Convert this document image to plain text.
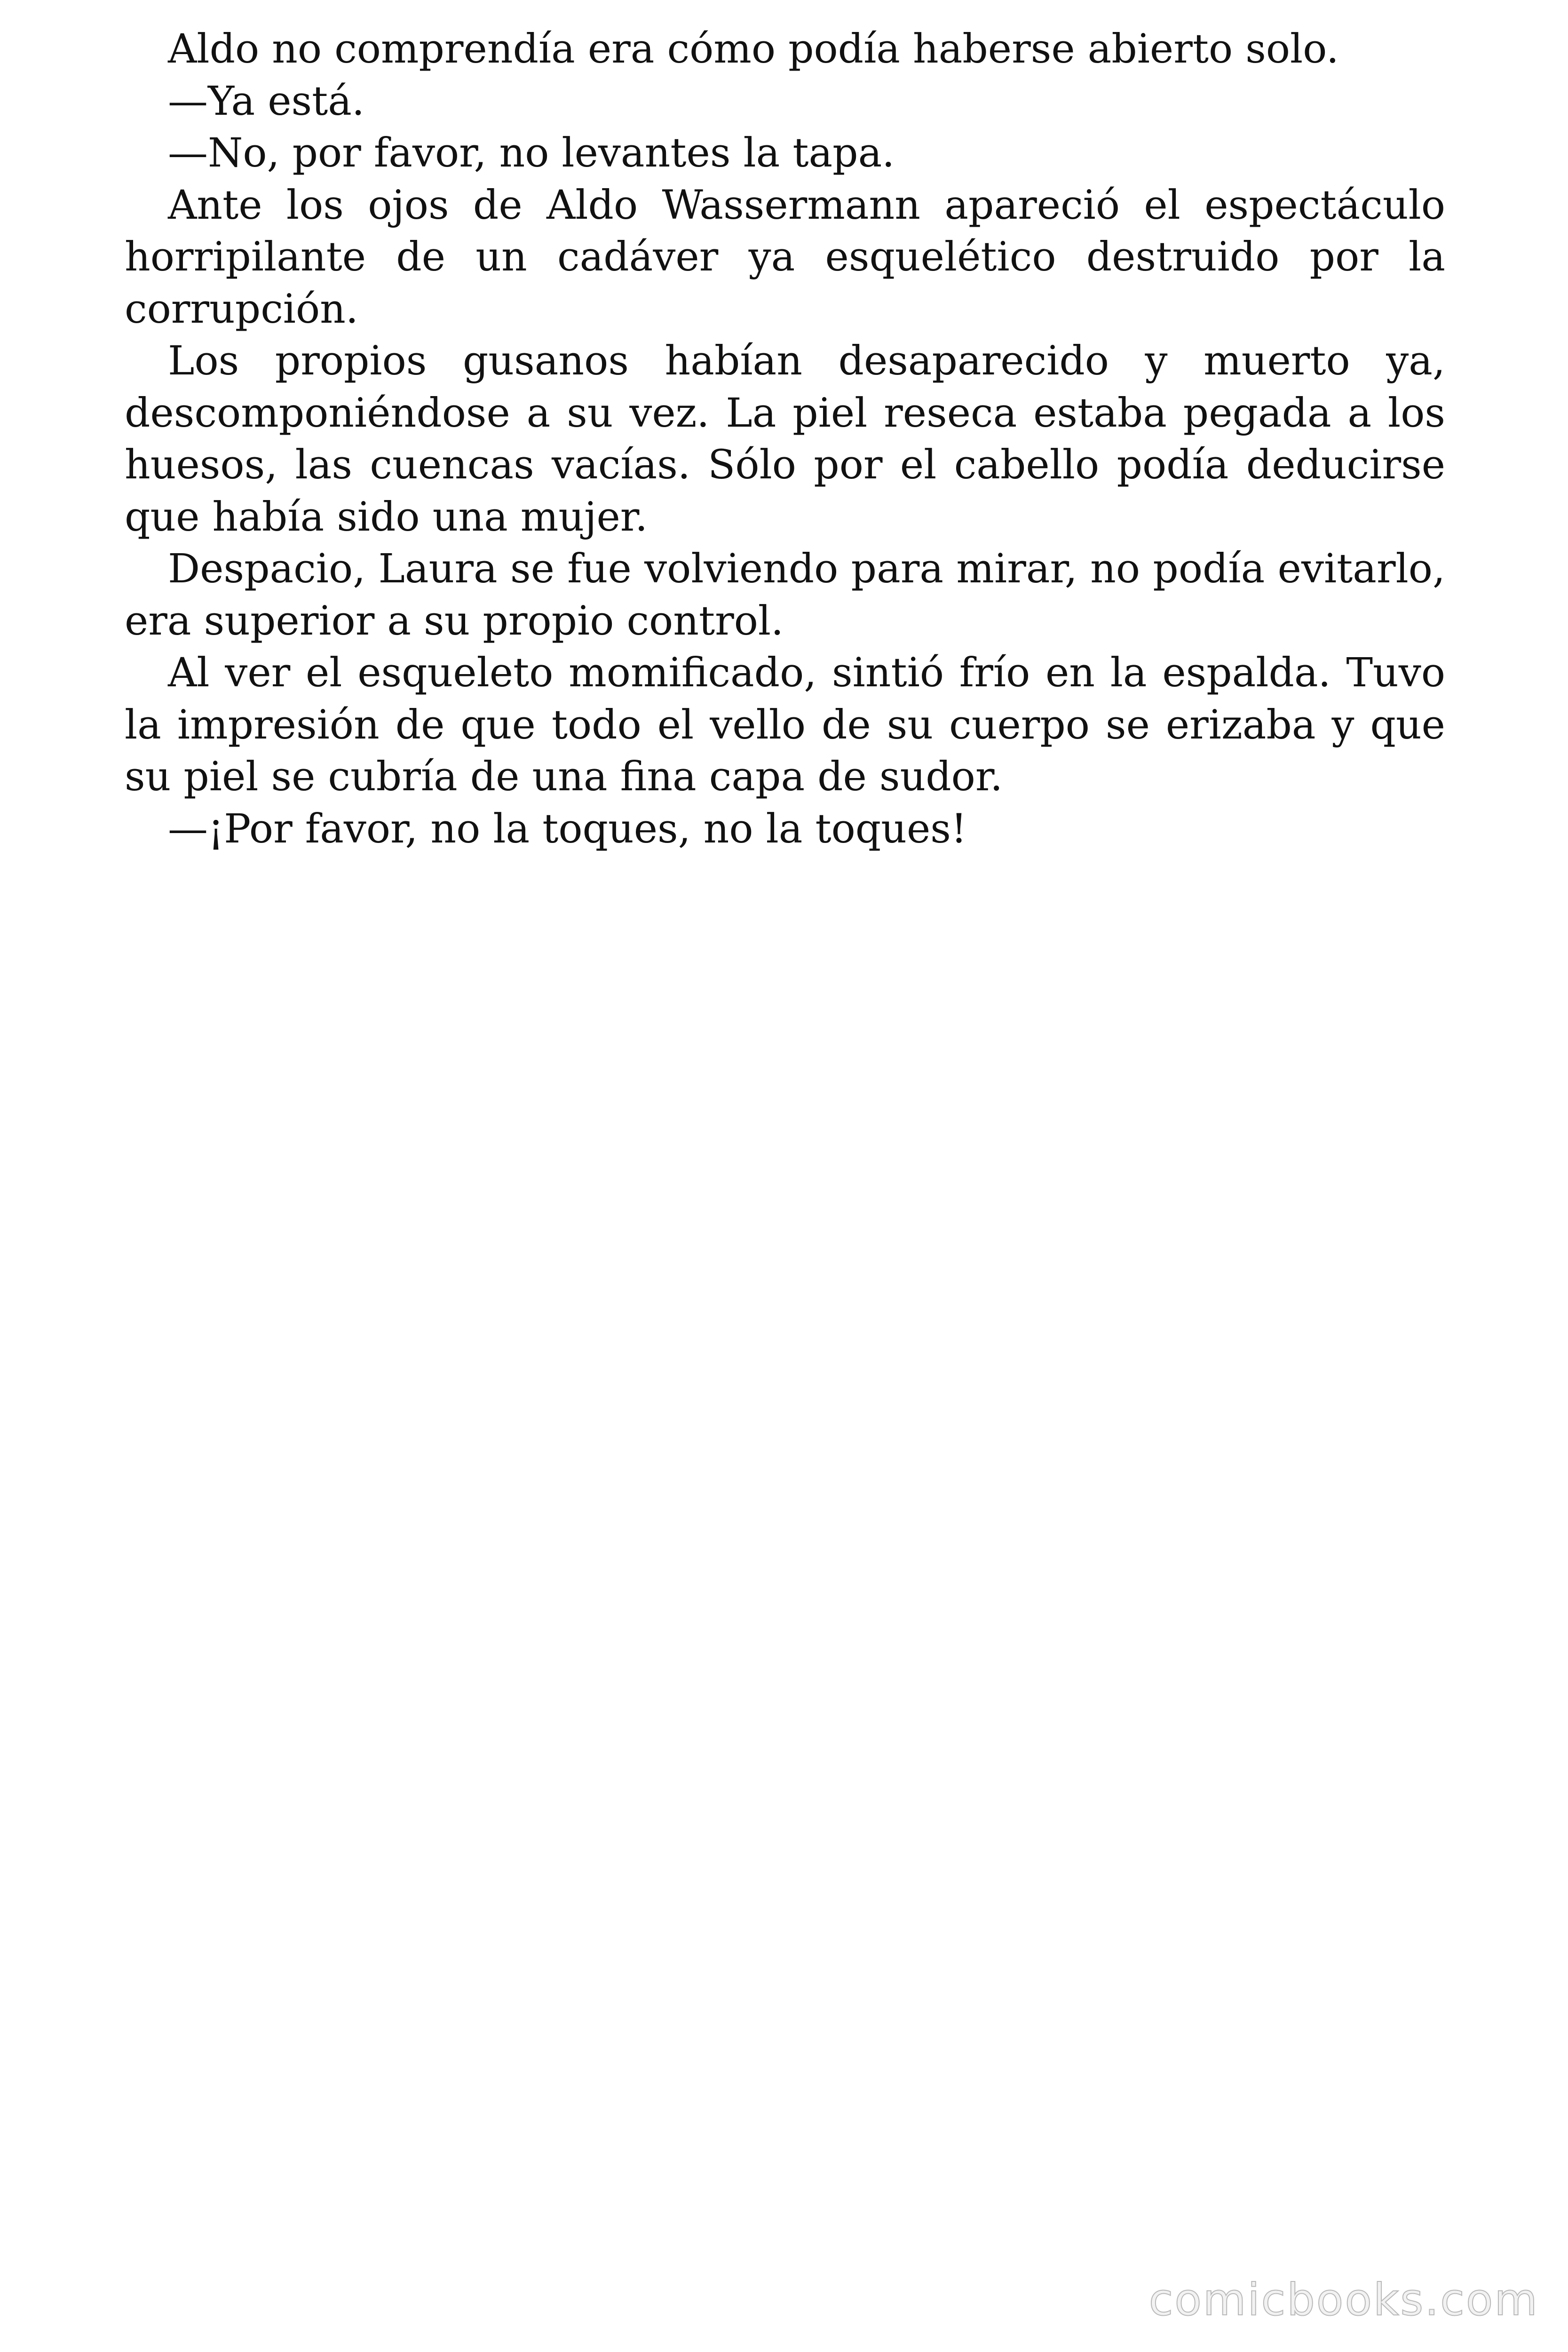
Aldo no comprendía era cómo podía haberse abierto solo.

—Ya está.

—No, por favor, no levantes la tapa.

Ante los ojos de Aldo Wassermann apareció el espectáculo horripilante de un cadáver ya esquelético destruido por la corrupción.

Los propios gusanos habían desaparecido y muerto ya, descomponiéndose a su vez. La piel reseca estaba pegada a los huesos, las cuencas vacías. Sólo por el cabello podía deducirse que había sido una mujer.

Despacio, Laura se fue volviendo para mirar, no podía evitarlo, era superior a su propio control.

Al ver el esqueleto momificado, sintió frío en la espalda. Tuvo la impresión de que todo el vello de su cuerpo se erizaba y que su piel se cubría de una fina capa de sudor.

—¡Por favor, no la toques, no la toques!

comicbooks.com
